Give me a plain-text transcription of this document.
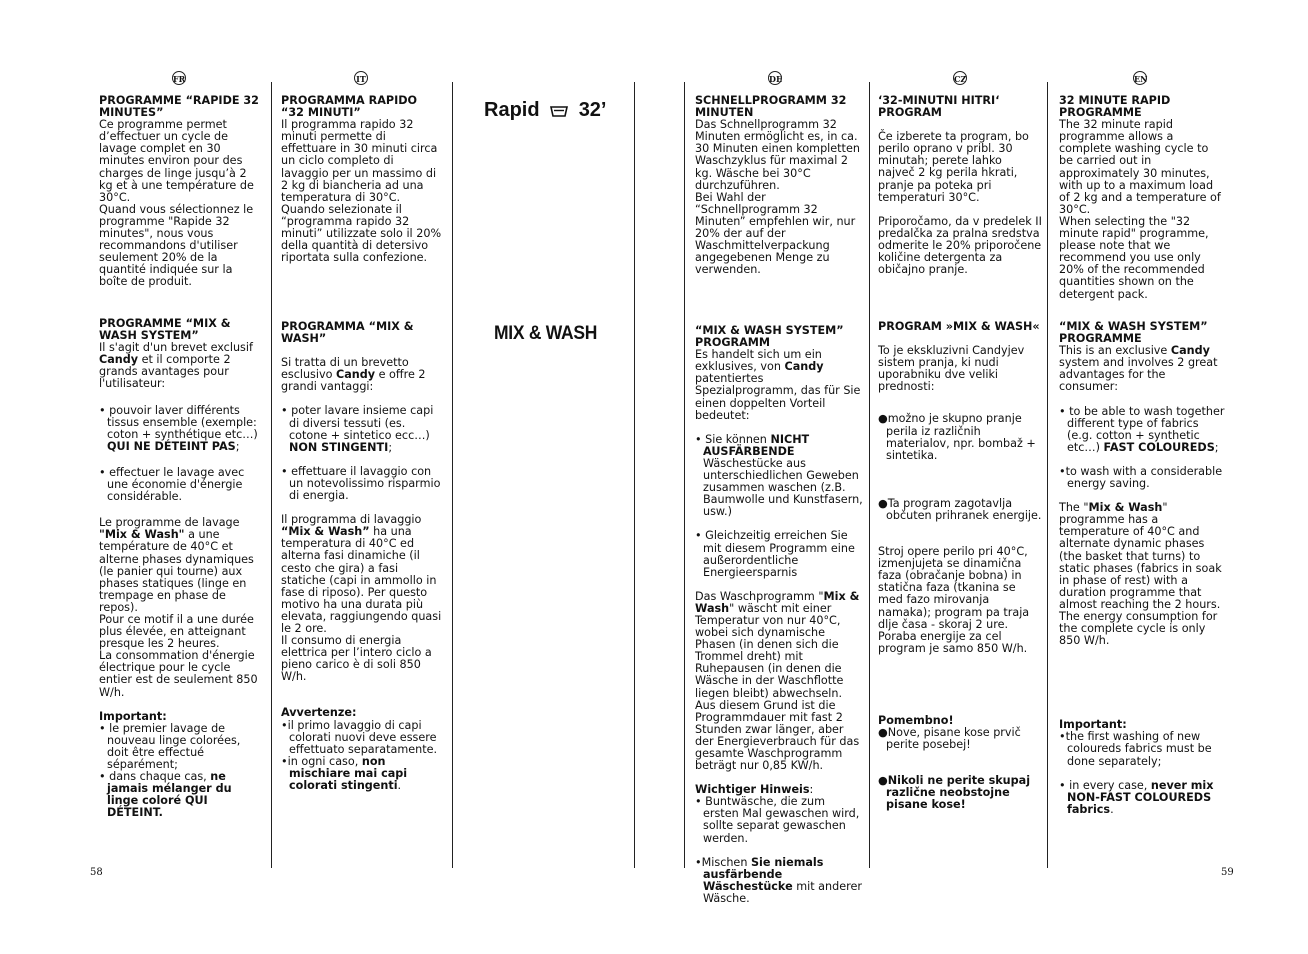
FR	IT	DE	CZ	EN
58	59

PROGRAMME “RAPIDE 32 MINUTES”

Ce programme permet d’effectuer un cycle de lavage complet en 30 minutes environ pour des charges de linge jusqu’à 2 kg et à une température de 30°C.

Quand vous sélectionnez le programme "Rapide 32 minutes", nous vous recommandons d'utiliser seulement 20% de la quantité indiquée sur la boîte de produit.

PROGRAMME “MIX & WASH SYSTEM”

Il s'agit d'un brevet exclusif Candy et il comporte 2 grands avantages pour l'utilisateur:

• pouvoir laver différents tissus ensemble (exemple: coton + synthétique etc…) QUI NE DÉTEINT PAS;

• effectuer le lavage avec une économie d'énergie considérable.

Le programme de lavage "Mix & Wash" a une température de 40°C et alterne phases dynamiques (le panier qui tourne) aux phases statiques (linge en trempage en phase de repos).

Pour ce motif il a une durée plus élevée, en atteignant presque les 2 heures.

La consommation d'énergie électrique pour le cycle entier est de seulement 850 W/h.

Important:

• le premier lavage de nouveau linge colorées, doit être effectué séparément;

• dans chaque cas, ne jamais mélanger du linge coloré QUI DÉTEINT.

PROGRAMMA RAPIDO “32 MINUTI”

Il programma rapido 32 minuti permette di effettuare in 30 minuti circa un ciclo completo di lavaggio per un massimo di 2 kg di biancheria ad una temperatura di 30°C.

Quando selezionate il “programma rapido 32 minuti” utilizzate solo il 20% della quantità di detersivo riportata sulla confezione.

PROGRAMMA “MIX & WASH”

Si tratta di un brevetto esclusivo Candy e offre 2 grandi vantaggi:

• poter lavare insieme capi di diversi tessuti (es. cotone + sintetico ecc…) NON STINGENTI;

• effettuare il lavaggio con un notevolissimo risparmio di energia.

Il programma di lavaggio “Mix & Wash” ha una temperatura di 40°C ed alterna fasi dinamiche (il cesto che gira) a fasi statiche (capi in ammollo in fase di riposo). Per questo motivo ha una durata più elevata, raggiungendo quasi le 2 ore.

Il consumo di energia elettrica per l’intero ciclo a pieno carico è di soli 850 W/h.

Avvertenze:

•il primo lavaggio di capi colorati nuovi deve essere effettuato separatamente.

•in ogni caso, non mischiare mai capi colorati stingenti.

Rapid 32’
MIX & WASH

SCHNELLPROGRAMM 32 MINUTEN

Das Schnellprogramm 32 Minuten ermöglicht es, in ca. 30 Minuten einen kompletten Waschzyklus für maximal 2 kg. Wäsche bei 30°C durchzuführen.

Bei Wahl der “Schnellprogramm 32 Minuten” empfehlen wir, nur 20% der auf der Waschmittelverpackung angegebenen Menge zu verwenden.

“MIX & WASH SYSTEM” PROGRAMM

Es handelt sich um ein exklusives, von Candy patentiertes Spezialprogramm, das für Sie einen doppelten Vorteil bedeutet:

• Sie können NICHT AUSFÄRBENDE Wäschestücke aus unterschiedlichen Geweben zusammen waschen (z.B. Baumwolle und Kunstfasern, usw.)

• Gleichzeitig erreichen Sie mit diesem Programm eine außerordentliche Energieersparnis

Das Waschprogramm "Mix & Wash" wäscht mit einer Temperatur von nur 40°C, wobei sich dynamische Phasen (in denen sich die Trommel dreht) mit Ruhepausen (in denen die Wäsche in der Waschflotte liegen bleibt) abwechseln. Aus diesem Grund ist die Programmdauer mit fast 2 Stunden zwar länger, aber der Energieverbrauch für das gesamte Waschprogramm beträgt nur 0,85 KW/h.

Wichtiger Hinweis:

• Buntwäsche, die zum ersten Mal gewaschen wird, sollte separat gewaschen werden.

•Mischen Sie niemals ausfärbende Wäschestücke mit anderer Wäsche.

‘32-MINUTNI HITRI‘ PROGRAM

Če izberete ta program, bo perilo oprano v pribl. 30 minutah; perete lahko največ 2 kg perila hkrati, pranje pa poteka pri temperaturi 30°C.

Priporočamo, da v predelek II predalčka za pralna sredstva odmerite le 20% priporočene količine detergenta za običajno pranje.

PROGRAM »MIX & WASH«

To je ekskluzivni Candyjev sistem pranja, ki nudi uporabniku dve veliki prednosti:

●možno je skupno pranje perila iz različnih materialov, npr. bombaž + sintetika.

●Ta program zagotavlja občuten prihranek energije.

Stroj opere perilo pri 40°C, izmenjujeta se dinamična faza (obračanje bobna) in statična faza (tkanina se med fazo mirovanja namaka); program pa traja dlje časa - skoraj 2 ure. Poraba energije za cel program je samo 850 W/h.

Pomembno!

●Nove, pisane kose prvič perite posebej!

●Nikoli ne perite skupaj različne neobstojne pisane kose!

32 MINUTE RAPID PROGRAMME

The 32 minute rapid programme allows a complete washing cycle to be carried out in approximately 30 minutes, with up to a maximum load of 2 kg and a temperature of 30°C.

When selecting the "32 minute rapid" programme, please note that we recommend you use only 20% of the recommended quantities shown on the detergent pack.

“MIX & WASH SYSTEM” PROGRAMME

This is an exclusive Candy system and involves 2 great advantages for the consumer:

• to be able to wash together different type of fabrics (e.g. cotton + synthetic etc…) FAST COLOUREDS;

•to wash with a considerable energy saving.

The "Mix & Wash" programme has a temperature of 40°C and alternate dynamic phases (the basket that turns) to static phases (fabrics in soak in phase of rest) with a duration programme that almost reaching the 2 hours.

The energy consumption for the complete cycle is only 850 W/h.

Important:

•the first washing of new coloureds fabrics must be done separately;

• in every case, never mix NON-FAST COLOUREDS fabrics.
